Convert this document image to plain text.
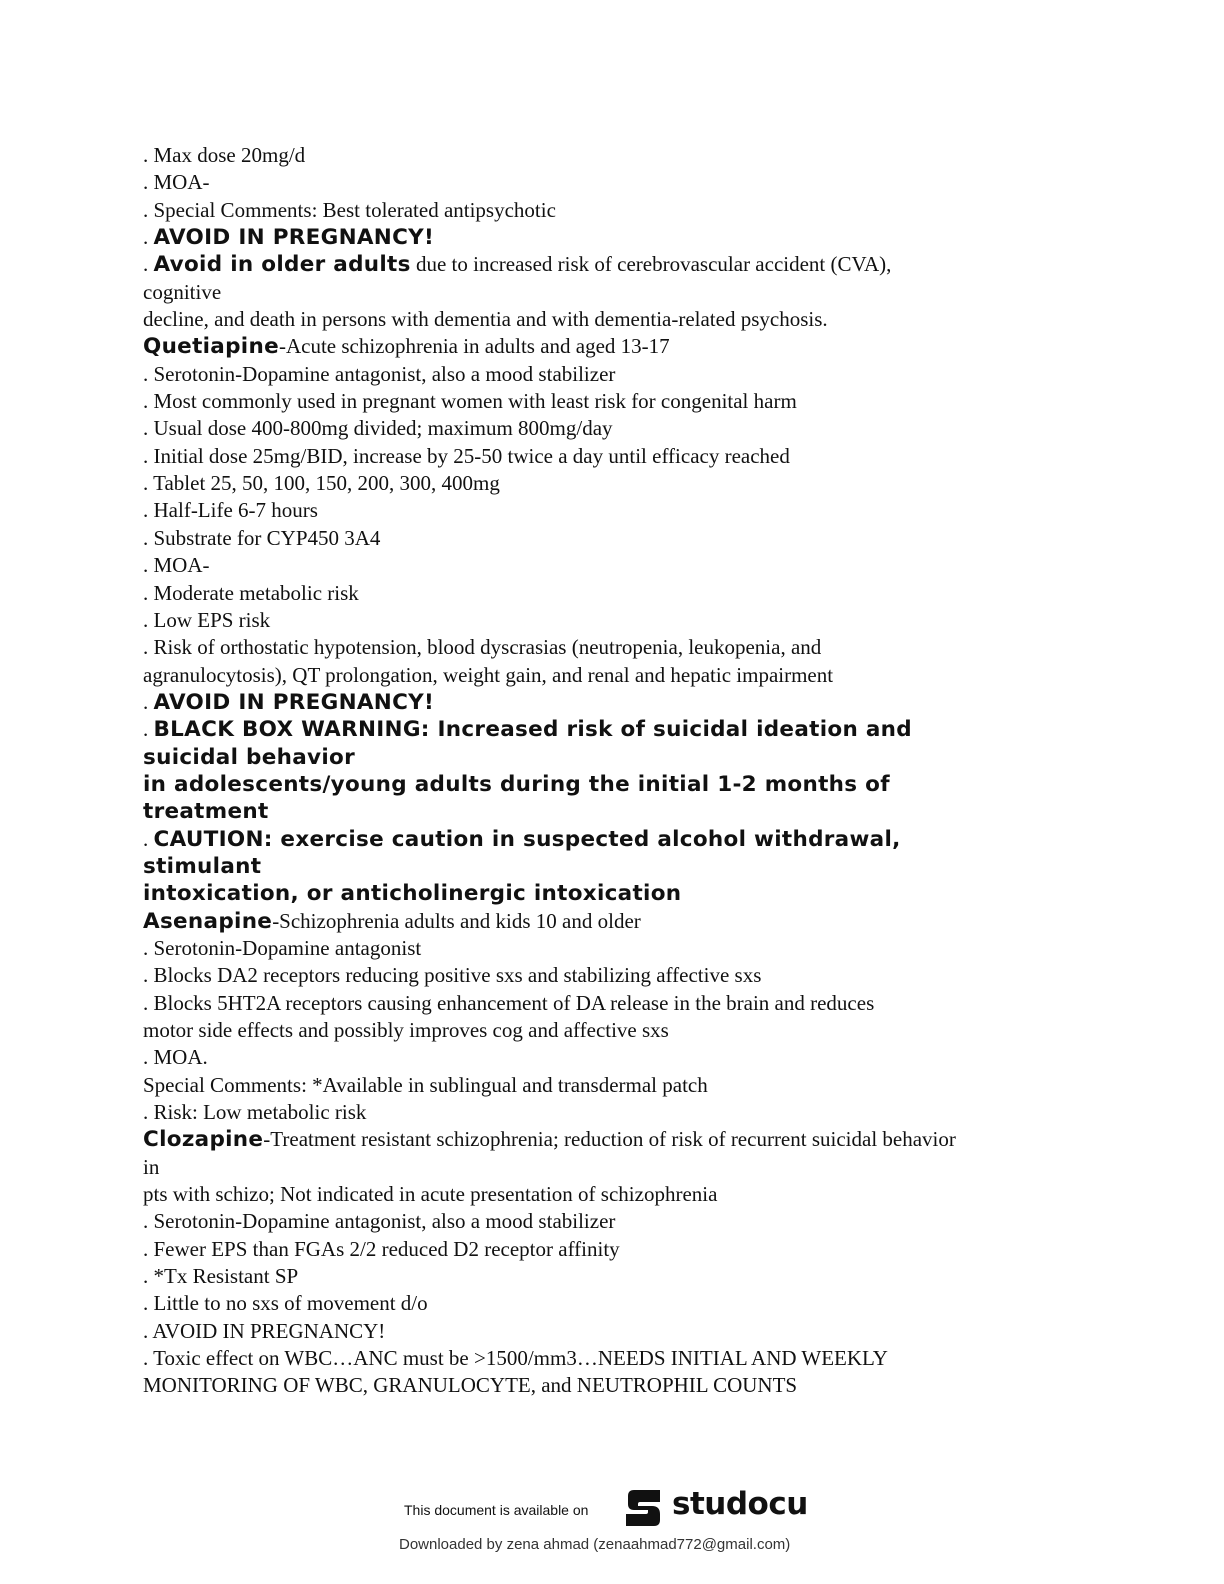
. Max dose 20mg/d
. MOA-
. Special Comments: Best tolerated antipsychotic
. AVOID IN PREGNANCY!
. Avoid in older adults due to increased risk of cerebrovascular accident (CVA),
cognitive
decline, and death in persons with dementia and with dementia-related psychosis.
Quetiapine-Acute schizophrenia in adults and aged 13-17
. Serotonin-Dopamine antagonist, also a mood stabilizer
. Most commonly used in pregnant women with least risk for congenital harm
. Usual dose 400-800mg divided; maximum 800mg/day
. Initial dose 25mg/BID, increase by 25-50 twice a day until efficacy reached
. Tablet 25, 50, 100, 150, 200, 300, 400mg
. Half-Life 6-7 hours
. Substrate for CYP450 3A4
. MOA-
. Moderate metabolic risk
. Low EPS risk
. Risk of orthostatic hypotension, blood dyscrasias (neutropenia, leukopenia, and
agranulocytosis), QT prolongation, weight gain, and renal and hepatic impairment
. AVOID IN PREGNANCY!
. BLACK BOX WARNING: Increased risk of suicidal ideation and
suicidal behavior
in adolescents/young adults during the initial 1-2 months of
treatment
. CAUTION: exercise caution in suspected alcohol withdrawal,
stimulant
intoxication, or anticholinergic intoxication
Asenapine-Schizophrenia adults and kids 10 and older
. Serotonin-Dopamine antagonist
. Blocks DA2 receptors reducing positive sxs and stabilizing affective sxs
. Blocks 5HT2A receptors causing enhancement of DA release in the brain and reduces
motor side effects and possibly improves cog and affective sxs
. MOA.
Special Comments: *Available in sublingual and transdermal patch
. Risk: Low metabolic risk
Clozapine-Treatment resistant schizophrenia; reduction of risk of recurrent suicidal behavior
in
pts with schizo; Not indicated in acute presentation of schizophrenia
. Serotonin-Dopamine antagonist, also a mood stabilizer
. Fewer EPS than FGAs 2/2 reduced D2 receptor affinity
. *Tx Resistant SP
. Little to no sxs of movement d/o
. AVOID IN PREGNANCY!
. Toxic effect on WBC…ANC must be >1500/mm3…NEEDS INITIAL AND WEEKLY
MONITORING OF WBC, GRANULOCYTE, and NEUTROPHIL COUNTS
This document is available on	studocu
Downloaded by zena ahmad (zenaahmad772@gmail.com)
